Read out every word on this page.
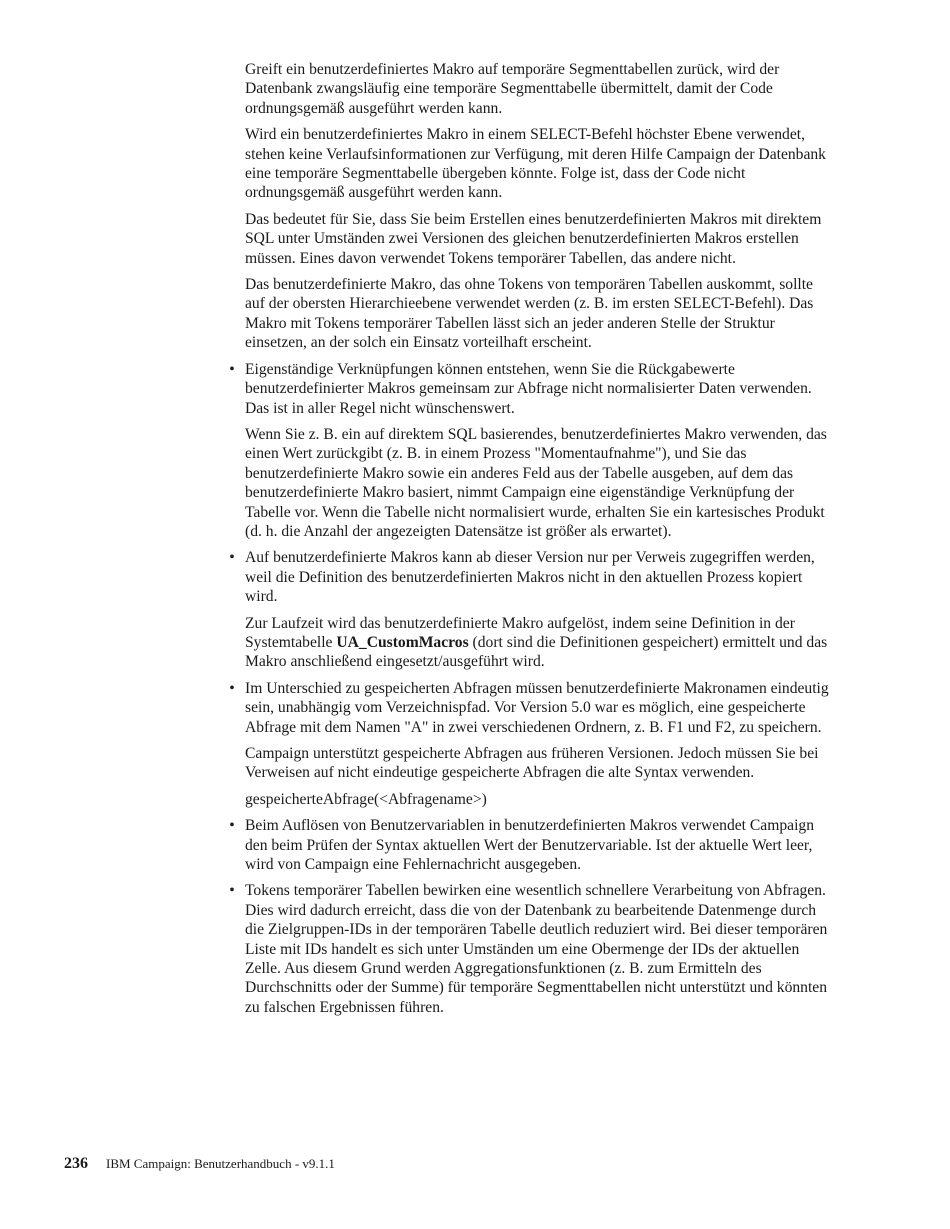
Greift ein benutzerdefiniertes Makro auf temporäre Segmenttabellen zurück, wird der Datenbank zwangsläufig eine temporäre Segmenttabelle übermittelt, damit der Code ordnungsgemäß ausgeführt werden kann.

Wird ein benutzerdefiniertes Makro in einem SELECT-Befehl höchster Ebene verwendet, stehen keine Verlaufsinformationen zur Verfügung, mit deren Hilfe Campaign der Datenbank eine temporäre Segmenttabelle übergeben könnte. Folge ist, dass der Code nicht ordnungsgemäß ausgeführt werden kann.

Das bedeutet für Sie, dass Sie beim Erstellen eines benutzerdefinierten Makros mit direktem SQL unter Umständen zwei Versionen des gleichen benutzerdefinierten Makros erstellen müssen. Eines davon verwendet Tokens temporärer Tabellen, das andere nicht.

Das benutzerdefinierte Makro, das ohne Tokens von temporären Tabellen auskommt, sollte auf der obersten Hierarchieebene verwendet werden (z. B. im ersten SELECT-Befehl). Das Makro mit Tokens temporärer Tabellen lässt sich an jeder anderen Stelle der Struktur einsetzen, an der solch ein Einsatz vorteilhaft erscheint.

• Eigenständige Verknüpfungen können entstehen, wenn Sie die Rückgabewerte benutzerdefinierter Makros gemeinsam zur Abfrage nicht normalisierter Daten verwenden. Das ist in aller Regel nicht wünschenswert.

Wenn Sie z. B. ein auf direktem SQL basierendes, benutzerdefiniertes Makro verwenden, das einen Wert zurückgibt (z. B. in einem Prozess "Momentaufnahme"), und Sie das benutzerdefinierte Makro sowie ein anderes Feld aus der Tabelle ausgeben, auf dem das benutzerdefinierte Makro basiert, nimmt Campaign eine eigenständige Verknüpfung der Tabelle vor. Wenn die Tabelle nicht normalisiert wurde, erhalten Sie ein kartesisches Produkt (d. h. die Anzahl der angezeigten Datensätze ist größer als erwartet).

• Auf benutzerdefinierte Makros kann ab dieser Version nur per Verweis zugegriffen werden, weil die Definition des benutzerdefinierten Makros nicht in den aktuellen Prozess kopiert wird.

Zur Laufzeit wird das benutzerdefinierte Makro aufgelöst, indem seine Definition in der Systemtabelle UA_CustomMacros (dort sind die Definitionen gespeichert) ermittelt und das Makro anschließend eingesetzt/ausgeführt wird.

• Im Unterschied zu gespeicherten Abfragen müssen benutzerdefinierte Makronamen eindeutig sein, unabhängig vom Verzeichnispfad. Vor Version 5.0 war es möglich, eine gespeicherte Abfrage mit dem Namen "A" in zwei verschiedenen Ordnern, z. B. F1 und F2, zu speichern.

Campaign unterstützt gespeicherte Abfragen aus früheren Versionen. Jedoch müssen Sie bei Verweisen auf nicht eindeutige gespeicherte Abfragen die alte Syntax verwenden.

gespeicherteAbfrage(<Abfragename>)

• Beim Auflösen von Benutzervariablen in benutzerdefinierten Makros verwendet Campaign den beim Prüfen der Syntax aktuellen Wert der Benutzervariable. Ist der aktuelle Wert leer, wird von Campaign eine Fehlernachricht ausgegeben.

• Tokens temporärer Tabellen bewirken eine wesentlich schnellere Verarbeitung von Abfragen. Dies wird dadurch erreicht, dass die von der Datenbank zu bearbeitende Datenmenge durch die Zielgruppen-IDs in der temporären Tabelle deutlich reduziert wird. Bei dieser temporären Liste mit IDs handelt es sich unter Umständen um eine Obermenge der IDs der aktuellen Zelle. Aus diesem Grund werden Aggregationsfunktionen (z. B. zum Ermitteln des Durchschnitts oder der Summe) für temporäre Segmenttabellen nicht unterstützt und könnten zu falschen Ergebnissen führen.

236 IBM Campaign: Benutzerhandbuch - v9.1.1
